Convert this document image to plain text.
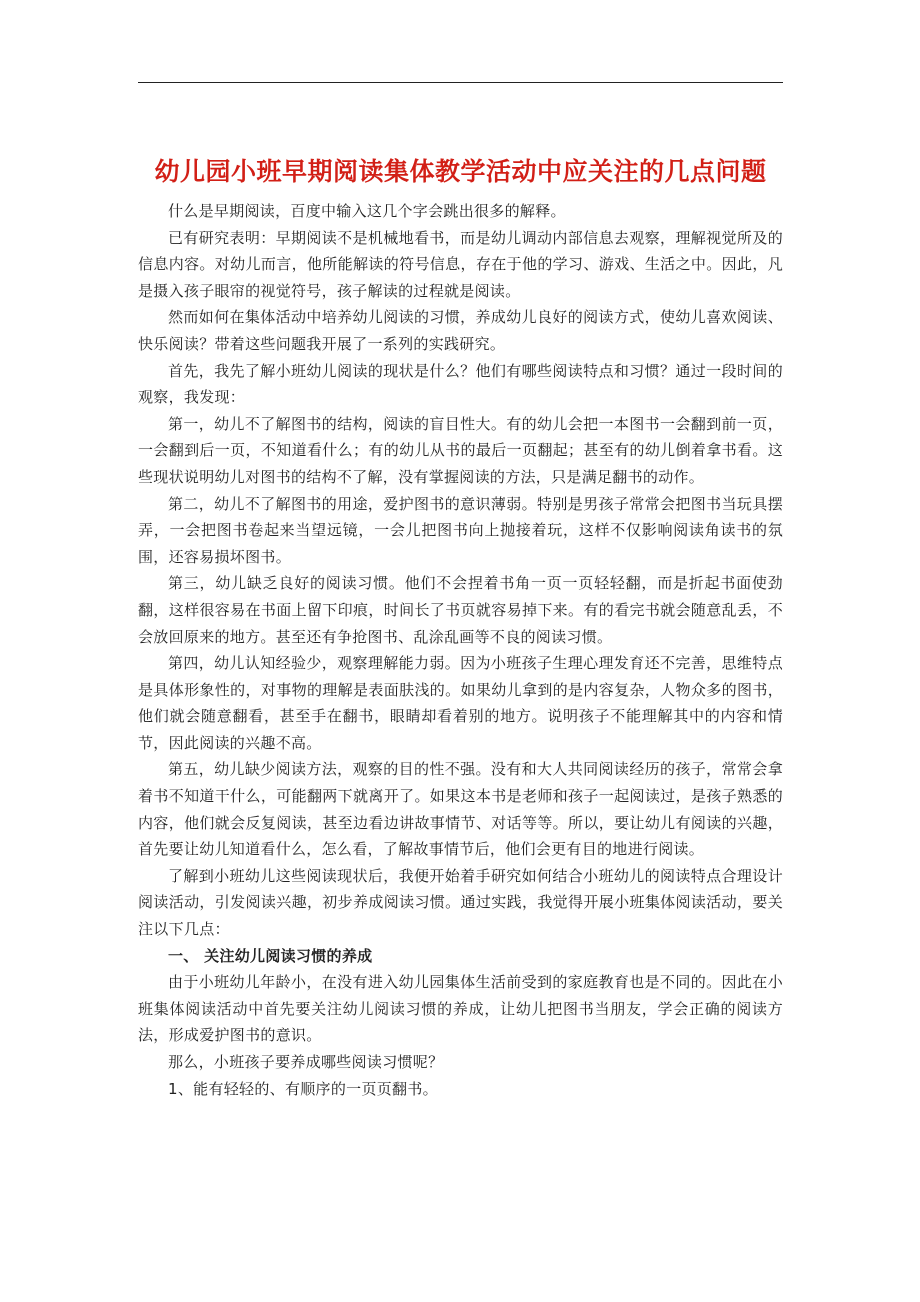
幼儿园小班早期阅读集体教学活动中应关注的几点问题

什么是早期阅读，百度中输入这几个字会跳出很多的解释。

已有研究表明：早期阅读不是机械地看书，而是幼儿调动内部信息去观察，理解视觉所及的信息内容。对幼儿而言，他所能解读的符号信息，存在于他的学习、游戏、生活之中。因此，凡是摄入孩子眼帘的视觉符号，孩子解读的过程就是阅读。

然而如何在集体活动中培养幼儿阅读的习惯，养成幼儿良好的阅读方式，使幼儿喜欢阅读、快乐阅读？带着这些问题我开展了一系列的实践研究。

首先，我先了解小班幼儿阅读的现状是什么？他们有哪些阅读特点和习惯？通过一段时间的观察，我发现：

第一，幼儿不了解图书的结构，阅读的盲目性大。有的幼儿会把一本图书一会翻到前一页，一会翻到后一页，不知道看什么；有的幼儿从书的最后一页翻起；甚至有的幼儿倒着拿书看。这些现状说明幼儿对图书的结构不了解，没有掌握阅读的方法，只是满足翻书的动作。

第二，幼儿不了解图书的用途，爱护图书的意识薄弱。特别是男孩子常常会把图书当玩具摆弄，一会把图书卷起来当望远镜，一会儿把图书向上抛接着玩，这样不仅影响阅读角读书的氛围，还容易损坏图书。

第三，幼儿缺乏良好的阅读习惯。他们不会捏着书角一页一页轻轻翻，而是折起书面使劲翻，这样很容易在书面上留下印痕，时间长了书页就容易掉下来。有的看完书就会随意乱丢，不会放回原来的地方。甚至还有争抢图书、乱涂乱画等不良的阅读习惯。

第四，幼儿认知经验少，观察理解能力弱。因为小班孩子生理心理发育还不完善，思维特点是具体形象性的，对事物的理解是表面肤浅的。如果幼儿拿到的是内容复杂，人物众多的图书，他们就会随意翻看，甚至手在翻书，眼睛却看着别的地方。说明孩子不能理解其中的内容和情节，因此阅读的兴趣不高。

第五，幼儿缺少阅读方法，观察的目的性不强。没有和大人共同阅读经历的孩子，常常会拿着书不知道干什么，可能翻两下就离开了。如果这本书是老师和孩子一起阅读过，是孩子熟悉的内容，他们就会反复阅读，甚至边看边讲故事情节、对话等等。所以，要让幼儿有阅读的兴趣，首先要让幼儿知道看什么，怎么看，了解故事情节后，他们会更有目的地进行阅读。

了解到小班幼儿这些阅读现状后，我便开始着手研究如何结合小班幼儿的阅读特点合理设计阅读活动，引发阅读兴趣，初步养成阅读习惯。通过实践，我觉得开展小班集体阅读活动，要关注以下几点：

一、 关注幼儿阅读习惯的养成

由于小班幼儿年龄小，在没有进入幼儿园集体生活前受到的家庭教育也是不同的。因此在小班集体阅读活动中首先要关注幼儿阅读习惯的养成，让幼儿把图书当朋友，学会正确的阅读方法，形成爱护图书的意识。

那么，小班孩子要养成哪些阅读习惯呢？

1、能有轻轻的、有顺序的一页页翻书。
